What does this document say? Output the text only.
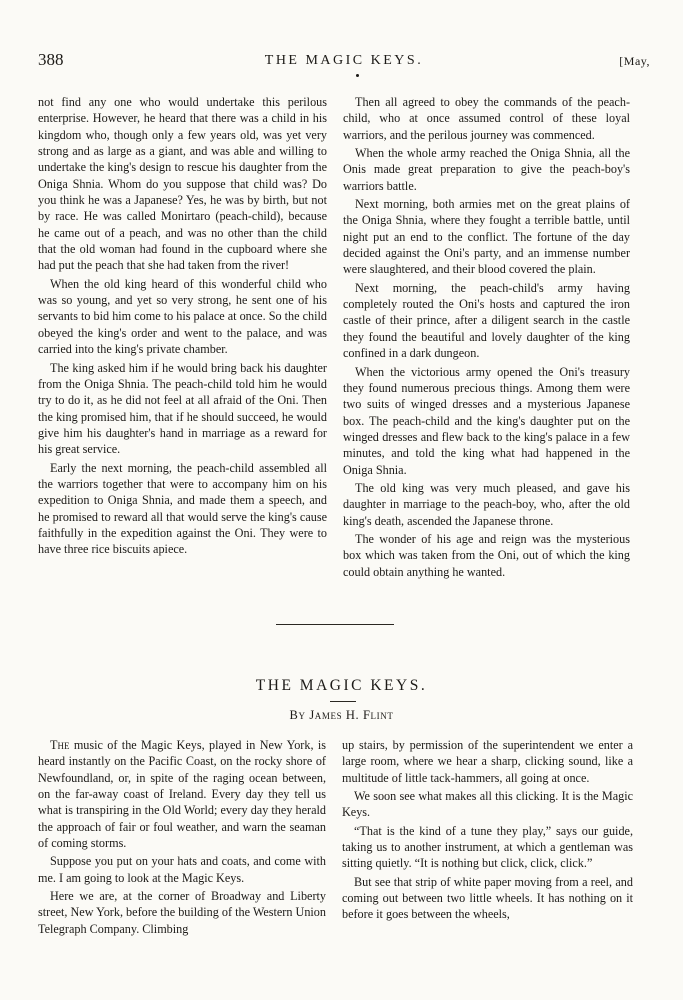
388	THE MAGIC KEYS.	[May,

not find any one who would undertake this perilous enterprise. However, he heard that there was a child in his kingdom who, though only a few years old, was yet very strong and as large as a giant, and was able and willing to undertake the king's design to rescue his daughter from the Oniga Shnia. Whom do you suppose that child was? Do you think he was a Japanese? Yes, he was by birth, but not by race. He was called Monirtaro (peach-child), because he came out of a peach, and was no other than the child that the old woman had found in the cupboard where she had put the peach that she had taken from the river!

When the old king heard of this wonderful child who was so young, and yet so very strong, he sent one of his servants to bid him come to his palace at once. So the child obeyed the king's order and went to the palace, and was carried into the king's private chamber.

The king asked him if he would bring back his daughter from the Oniga Shnia. The peach-child told him he would try to do it, as he did not feel at all afraid of the Oni. Then the king promised him, that if he should succeed, he would give him his daughter's hand in marriage as a reward for his great service.

Early the next morning, the peach-child assembled all the warriors together that were to accompany him on his expedition to Oniga Shnia, and made them a speech, and he promised to reward all that would serve the king's cause faithfully in the expedition against the Oni. They were to have three rice biscuits apiece.

Then all agreed to obey the commands of the peach-child, who at once assumed control of these loyal warriors, and the perilous journey was commenced.

When the whole army reached the Oniga Shnia, all the Onis made great preparation to give the peach-boy's warriors battle.

Next morning, both armies met on the great plains of the Oniga Shnia, where they fought a terrible battle, until night put an end to the conflict. The fortune of the day decided against the Oni's party, and an immense number were slaughtered, and their blood covered the plain.

Next morning, the peach-child's army having completely routed the Oni's hosts and captured the iron castle of their prince, after a diligent search in the castle they found the beautiful and lovely daughter of the king confined in a dark dungeon.

When the victorious army opened the Oni's treasury they found numerous precious things. Among them were two suits of winged dresses and a mysterious Japanese box. The peach-child and the king's daughter put on the winged dresses and flew back to the king's palace in a few minutes, and told the king what had happened in the Oniga Shnia.

The old king was very much pleased, and gave his daughter in marriage to the peach-boy, who, after the old king's death, ascended the Japanese throne.

The wonder of his age and reign was the mysterious box which was taken from the Oni, out of which the king could obtain anything he wanted.

THE MAGIC KEYS.
By James H. Flint

The music of the Magic Keys, played in New York, is heard instantly on the Pacific Coast, on the rocky shore of Newfoundland, or, in spite of the raging ocean between, on the far-away coast of Ireland. Every day they tell us what is transpiring in the Old World; every day they herald the approach of fair or foul weather, and warn the seaman of coming storms.

Suppose you put on your hats and coats, and come with me. I am going to look at the Magic Keys.

Here we are, at the corner of Broadway and Liberty street, New York, before the building of the Western Union Telegraph Company. Climbing

up stairs, by permission of the superintendent we enter a large room, where we hear a sharp, clicking sound, like a multitude of little tack-hammers, all going at once.

We soon see what makes all this clicking. It is the Magic Keys.

“That is the kind of a tune they play,” says our guide, taking us to another instrument, at which a gentleman was sitting quietly. “It is nothing but click, click, click.”

But see that strip of white paper moving from a reel, and coming out between two little wheels. It has nothing on it before it goes between the wheels,
